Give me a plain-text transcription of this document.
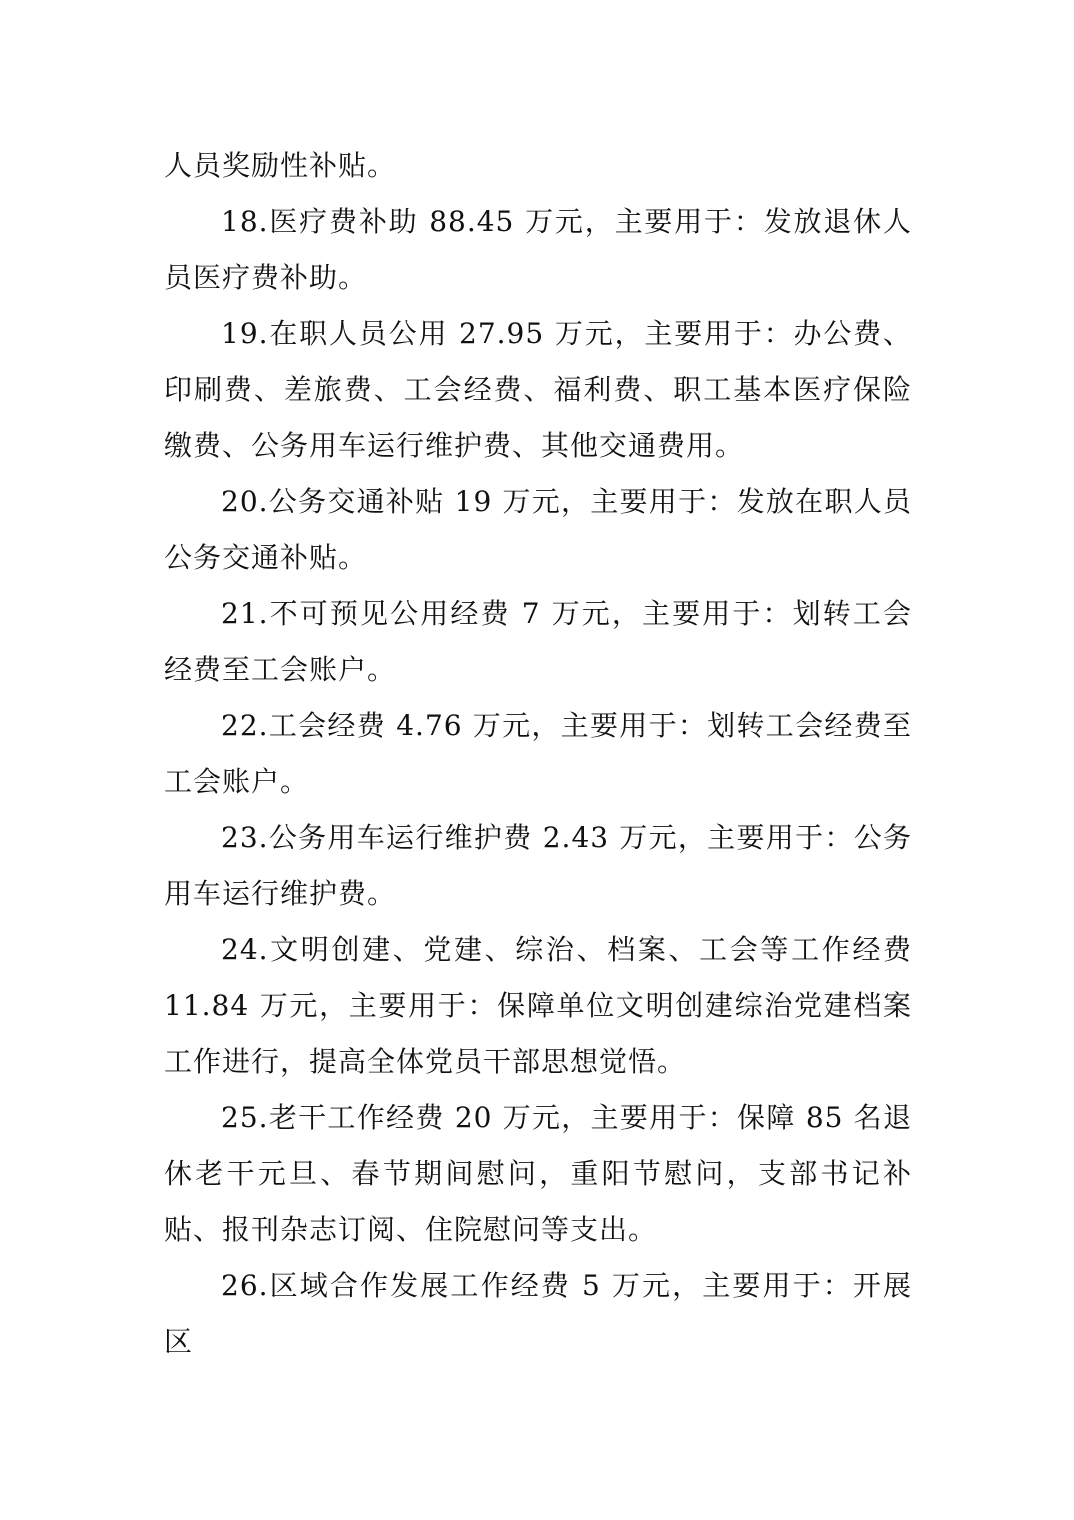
人员奖励性补贴。

18.医疗费补助 88.45 万元，主要用于：发放退休人员医疗费补助。

19.在职人员公用 27.95 万元，主要用于：办公费、印刷费、差旅费、工会经费、福利费、职工基本医疗保险缴费、公务用车运行维护费、其他交通费用。

20.公务交通补贴 19 万元，主要用于：发放在职人员公务交通补贴。

21.不可预见公用经费 7 万元，主要用于：划转工会经费至工会账户。

22.工会经费 4.76 万元，主要用于：划转工会经费至工会账户。

23.公务用车运行维护费 2.43 万元，主要用于：公务用车运行维护费。

24.文明创建、党建、综治、档案、工会等工作经费 11.84 万元，主要用于：保障单位文明创建综治党建档案工作进行，提高全体党员干部思想觉悟。

25.老干工作经费 20 万元，主要用于：保障 85 名退休老干元旦、春节期间慰问，重阳节慰问，支部书记补贴、报刊杂志订阅、住院慰问等支出。

26.区域合作发展工作经费 5 万元，主要用于：开展区
